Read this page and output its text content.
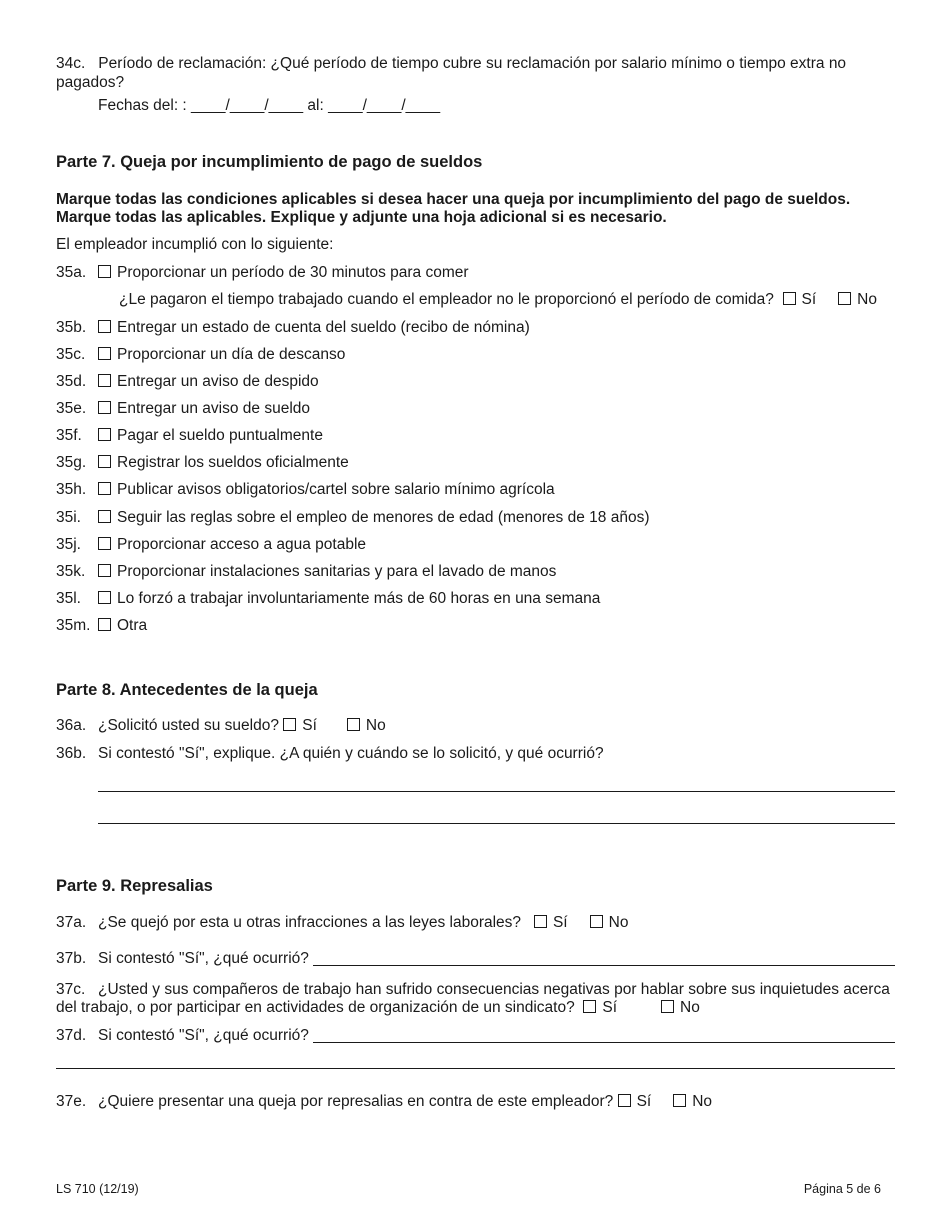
34c. Período de reclamación: ¿Qué período de tiempo cubre su reclamación por salario mínimo o tiempo extra no
pagados?
Fechas del: : ____/____/____ al: ____/____/____
Parte 7. Queja por incumplimiento de pago de sueldos
Marque todas las condiciones aplicables si desea hacer una queja por incumplimiento del pago de sueldos.
Marque todas las aplicables. Explique y adjunte una hoja adicional si es necesario.
El empleador incumplió con lo siguiente:
35a. Proporcionar un período de 30 minutos para comer
¿Le pagaron el tiempo trabajado cuando el empleador no le proporcionó el período de comida? Sí	No
35b. Entregar un estado de cuenta del sueldo (recibo de nómina)
35c. Proporcionar un día de descanso
35d. Entregar un aviso de despido
35e. Entregar un aviso de sueldo
35f. Pagar el sueldo puntualmente
35g. Registrar los sueldos oficialmente
35h. Publicar avisos obligatorios/cartel sobre salario mínimo agrícola
35i. Seguir las reglas sobre el empleo de menores de edad (menores de 18 años)
35j. Proporcionar acceso a agua potable
35k. Proporcionar instalaciones sanitarias y para el lavado de manos
35l. Lo forzó a trabajar involuntariamente más de 60 horas en una semana
35m. Otra
Parte 8. Antecedentes de la queja
36a. ¿Solicitó usted su sueldo? Sí	No
36b. Si contestó "Sí", explique. ¿A quién y cuándo se lo solicitó, y qué ocurrió?
Parte 9. Represalias
37a. ¿Se quejó por esta u otras infracciones a las leyes laborales? Sí	No
37b. Si contestó "Sí", ¿qué ocurrió?
37c. ¿Usted y sus compañeros de trabajo han sufrido consecuencias negativas por hablar sobre sus inquietudes acerca
del trabajo, o por participar en actividades de organización de un sindicato? Sí	No
37d. Si contestó "Sí", ¿qué ocurrió?
37e. ¿Quiere presentar una queja por represalias en contra de este empleador? Sí	No
LS 710 (12/19)	Página 5 de 6
